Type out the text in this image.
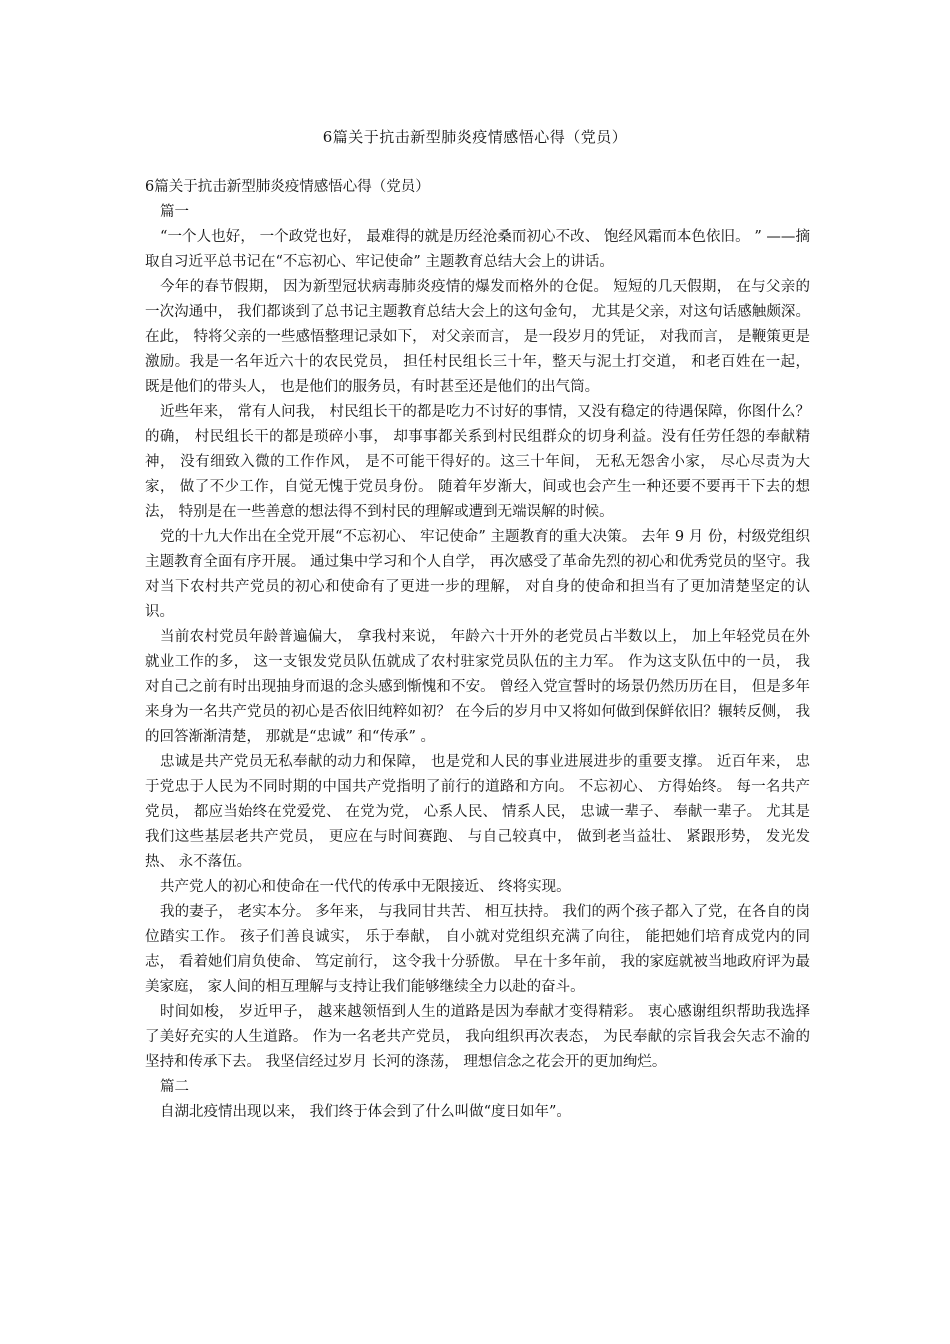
6篇关于抗击新型肺炎疫情感悟心得（党员）

6篇关于抗击新型肺炎疫情感悟心得（党员）

篇一

“一个人也好， 一个政党也好， 最难得的就是历经沧桑而初心不改、 饱经风霜而本色依旧。 ” ——摘取自习近平总书记在“不忘初心、牢记使命” 主题教育总结大会上的讲话。

今年的春节假期， 因为新型冠状病毒肺炎疫情的爆发而格外的仓促。 短短的几天假期， 在与父亲的一次沟通中， 我们都谈到了总书记主题教育总结大会上的这句金句， 尤其是父亲，对这句话感触颇深。在此， 特将父亲的一些感悟整理记录如下， 对父亲而言， 是一段岁月的凭证， 对我而言， 是鞭策更是激励。我是一名年近六十的农民党员， 担任村民组长三十年，整天与泥土打交道， 和老百姓在一起， 既是他们的带头人， 也是他们的服务员，有时甚至还是他们的出气筒。

近些年来， 常有人问我， 村民组长干的都是吃力不讨好的事情，又没有稳定的待遇保障，你图什么？ 的确， 村民组长干的都是琐碎小事， 却事事都关系到村民组群众的切身利益。没有任劳任怨的奉献精神， 没有细致入微的工作作风， 是不可能干得好的。这三十年间， 无私无怨舍小家， 尽心尽责为大家， 做了不少工作，自觉无愧于党员身份。 随着年岁渐大，间或也会产生一种还要不要再干下去的想法， 特别是在一些善意的想法得不到村民的理解或遭到无端误解的时候。

党的十九大作出在全党开展“不忘初心、 牢记使命” 主题教育的重大决策。 去年 9 月 份，村级党组织主题教育全面有序开展。 通过集中学习和个人自学， 再次感受了革命先烈的初心和优秀党员的坚守。我对当下农村共产党员的初心和使命有了更进一步的理解， 对自身的使命和担当有了更加清楚坚定的认识。

当前农村党员年龄普遍偏大， 拿我村来说， 年龄六十开外的老党员占半数以上， 加上年轻党员在外就业工作的多， 这一支银发党员队伍就成了农村驻家党员队伍的主力军。 作为这支队伍中的一员， 我对自己之前有时出现抽身而退的念头感到惭愧和不安。 曾经入党宣誓时的场景仍然历历在目， 但是多年来身为一名共产党员的初心是否依旧纯粹如初？ 在今后的岁月中又将如何做到保鲜依旧？辗转反侧， 我的回答渐渐清楚， 那就是“忠诚” 和“传承” 。

忠诚是共产党员无私奉献的动力和保障， 也是党和人民的事业进展进步的重要支撑。 近百年来， 忠于党忠于人民为不同时期的中国共产党指明了前行的道路和方向。 不忘初心、 方得始终。 每一名共产党员， 都应当始终在党爱党、 在党为党， 心系人民、 情系人民， 忠诚一辈子、 奉献一辈子。 尤其是我们这些基层老共产党员， 更应在与时间赛跑、 与自己较真中， 做到老当益壮、 紧跟形势， 发光发热、 永不落伍。

共产党人的初心和使命在一代代的传承中无限接近、 终将实现。

我的妻子， 老实本分。 多年来， 与我同甘共苦、 相互扶持。 我们的两个孩子都入了党，在各自的岗位踏实工作。 孩子们善良诚实， 乐于奉献， 自小就对党组织充满了向往， 能把她们培育成党内的同志， 看着她们肩负使命、 笃定前行， 这令我十分骄傲。 早在十多年前， 我的家庭就被当地政府评为最美家庭， 家人间的相互理解与支持让我们能够继续全力以赴的奋斗。

时间如梭， 岁近甲子， 越来越领悟到人生的道路是因为奉献才变得精彩。 衷心感谢组织帮助我选择了美好充实的人生道路。 作为一名老共产党员， 我向组织再次表态， 为民奉献的宗旨我会矢志不渝的坚持和传承下去。 我坚信经过岁月 长河的涤荡， 理想信念之花会开的更加绚烂。

篇二

自湖北疫情出现以来， 我们终于体会到了什么叫做“度日如年”。
